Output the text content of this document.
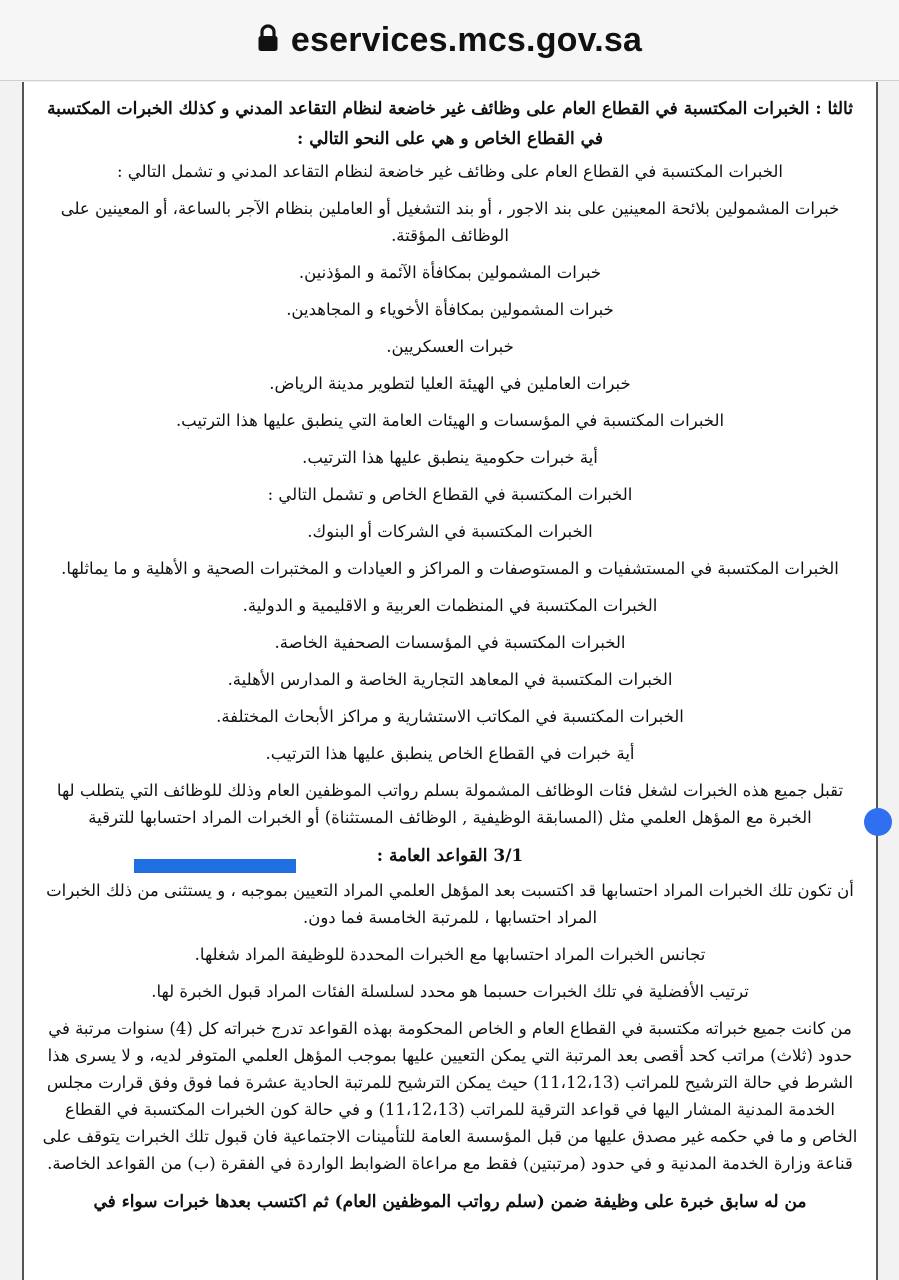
eservices.mcs.gov.sa
ثالثا : الخبرات المكتسبة في القطاع العام على وظائف غير خاضعة لنظام التقاعد المدني و كذلك الخبرات المكتسبة في القطاع الخاص و هي على النحو التالي :

الخبرات المكتسبة في القطاع العام على وظائف غير خاضعة لنظام التقاعد المدني و تشمل التالي :

خبرات المشمولين بلائحة المعينين على بند الاجور ، أو بند التشغيل أو العاملين بنظام الآجر بالساعة، أو المعينين على الوظائف المؤقتة.

خبرات المشمولين بمكافأة الآئمة و المؤذنين.

خبرات المشمولين بمكافأة الأخوياء و المجاهدين.

خبرات العسكريين.

خبرات العاملين في الهيئة العليا لتطوير مدينة الرياض.

الخبرات المكتسبة في المؤسسات و الهيئات العامة التي ينطبق عليها هذا الترتيب.

أية خبرات حكومية ينطبق عليها هذا الترتيب.

الخبرات المكتسبة في القطاع الخاص و تشمل التالي :

الخبرات المكتسبة في الشركات أو البنوك.

الخبرات المكتسبة في المستشفيات و المستوصفات و المراكز و العيادات و المختبرات الصحية و الأهلية و ما يماثلها.

الخبرات المكتسبة في المنظمات العربية و الاقليمية و الدولية.

الخبرات المكتسبة في المؤسسات الصحفية الخاصة.

الخبرات المكتسبة في المعاهد التجارية الخاصة و المدارس الأهلية.

الخبرات المكتسبة في المكاتب الاستشارية و مراكز الأبحاث المختلفة.

أية خبرات في القطاع الخاص ينطبق عليها هذا الترتيب.

تقبل جميع هذه الخبرات لشغل فئات الوظائف المشمولة بسلم رواتب الموظفين العام وذلك للوظائف التي يتطلب لها الخبرة مع المؤهل العلمي مثل (المسابقة الوظيفية , الوظائف المستثناة) أو الخبرات المراد احتسابها للترقية

3/1 القواعد العامة :

أن تكون تلك الخبرات المراد احتسابها قد اكتسبت بعد المؤهل العلمي المراد التعيين بموجبه ، و يستثنى من ذلك الخبرات المراد احتسابها ، للمرتبة الخامسة فما دون.

تجانس الخبرات المراد احتسابها مع الخبرات المحددة للوظيفة المراد شغلها.

ترتيب الأفضلية في تلك الخبرات حسبما هو محدد لسلسلة الفئات المراد قبول الخبرة لها.

من كانت جميع خبراته مكتسبة في القطاع العام و الخاص المحكومة بهذه القواعد تدرج خبراته كل (4) سنوات مرتبة في حدود (ثلاث) مراتب كحد أقصى بعد المرتبة التي يمكن التعيين عليها بموجب المؤهل العلمي المتوفر لديه، و لا يسرى هذا الشرط في حالة الترشيح للمراتب (11،12،13) حيث يمكن الترشيح للمرتبة الحادية عشرة فما فوق وفق قرارت مجلس الخدمة المدنية المشار اليها في قواعد الترقية للمراتب (11،12،13) و في حالة كون الخبرات المكتسبة في القطاع الخاص و ما في حكمه غير مصدق عليها من قبل المؤسسة العامة للتأمينات الاجتماعية فان قبول تلك الخبرات يتوقف على قناعة وزارة الخدمة المدنية و في حدود (مرتبتين) فقط مع مراعاة الضوابط الواردة في الفقرة (ب) من القواعد الخاصة.

من له سابق خبرة على وظيفة ضمن (سلم رواتب الموظفين العام) ثم اكتسب بعدها خبرات سواء في
